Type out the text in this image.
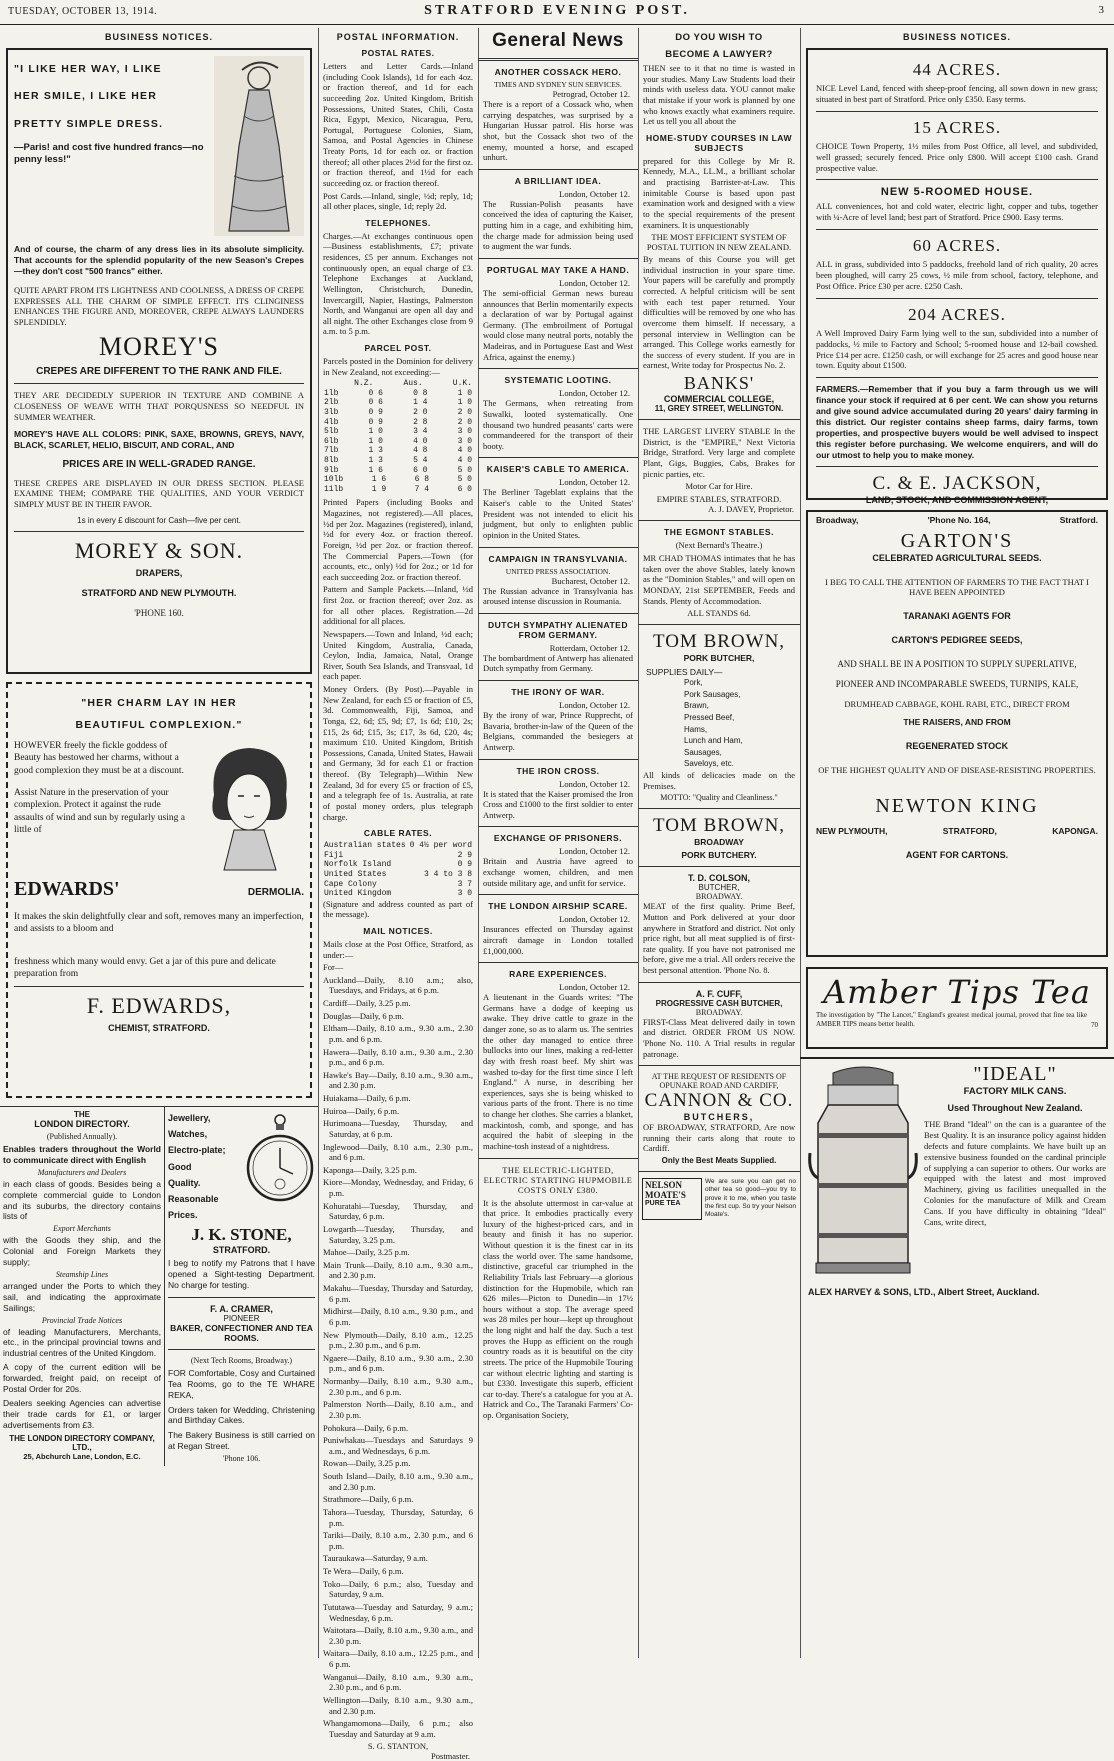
TUESDAY, OCTOBER 13, 1914.	STRATFORD EVENING POST.	3
BUSINESS NOTICES.
"I LIKE HER WAY, I LIKE
HER SMILE, I LIKE HER
PRETTY SIMPLE DRESS.
—Paris! and cost five hundred francs—no penny less!"
And of course, the charm of any dress lies in its absolute simplicity. That accounts for the splendid popularity of the new Season's Crepes—they don't cost "500 francs" either.
QUITE APART FROM ITS LIGHTNESS AND COOLNESS, A DRESS OF CREPE EXPRESSES ALL THE CHARM OF SIMPLE EFFECT. ITS CLINGINESS ENHANCES THE FIGURE AND, MOREOVER, CREPE ALWAYS LAUNDERS SPLENDIDLY.
MOREY'S
CREPES ARE DIFFERENT TO THE RANK AND FILE.
THEY ARE DECIDEDLY SUPERIOR IN TEXTURE AND COMBINE A CLOSENESS OF WEAVE WITH THAT PORQUSNESS SO NEEDFUL IN SUMMER WEATHER.
MOREY'S HAVE ALL COLORS: PINK, SAXE, BROWNS, GREYS, NAVY, BLACK, SCARLET, HELIO, BISCUIT, AND CORAL, AND
PRICES ARE IN WELL-GRADED RANGE.
THESE CREPES ARE DISPLAYED IN OUR DRESS SECTION. PLEASE EXAMINE THEM; COMPARE THE QUALITIES, AND YOUR VERDICT SIMPLY MUST BE IN THEIR FAVOR.
1s in every £ discount for Cash—five per cent.
MOREY & SON.
DRAPERS,
STRATFORD AND NEW PLYMOUTH.
'PHONE 160.
"HER CHARM LAY IN HER
BEAUTIFUL COMPLEXION."
HOWEVER freely the fickle goddess of Beauty has bestowed her charms, without a good complexion they must be at a discount.
Assist Nature in the preservation of your complexion. Protect it against the rude assaults of wind and sun by regularly using a little of
EDWARDS'	DERMOLIA.
It makes the skin delightfully clear and soft, removes many an imperfection, and assists to a bloom and
freshness which many would envy. Get a jar of this pure and delicate preparation from
F. EDWARDS,
CHEMIST, STRATFORD.
THE
LONDON DIRECTORY.
(Published Annually).
Enables traders throughout the World to communicate direct with English
Manufacturers and Dealers
in each class of goods. Besides being a complete commercial guide to London and its suburbs, the directory contains lists of
Export Merchants
with the Goods they ship, and the Colonial and Foreign Markets they supply;
Steamship Lines
arranged under the Ports to which they sail, and indicating the approximate Sailings;
Provincial Trade Notices
of leading Manufacturers, Merchants, etc., in the principal provincial towns and industrial centres of the United Kingdom.
A copy of the current edition will be forwarded, freight paid, on receipt of Postal Order for 20s.
Dealers seeking Agencies can advertise their trade cards for £1, or larger advertisements from £3.
THE LONDON DIRECTORY COMPANY, LTD.,
25, Abchurch Lane, London, E.C.
Jewellery,
Watches,
Electro-plate;
Good
Quality.
Reasonable
Prices.
J. K. STONE,
STRATFORD.
I beg to notify my Patrons that I have opened a Sight-testing Department. No charge for testing.
F. A. CRAMER,
PIONEER
BAKER, CONFECTIONER AND TEA ROOMS.
(Next Tech Rooms, Broadway.)
FOR Comfortable, Cosy and Curtained Tea Rooms, go to the TE WHARE REKA,
Orders taken for Wedding, Christening and Birthday Cakes.
The Bakery Business is still carried on at Regan Street.
'Phone 106.
POSTAL INFORMATION.
POSTAL RATES.
Letters and Letter Cards.—Inland (including Cook Islands), 1d for each 4oz. or fraction thereof, and 1d for each succeeding 2oz. United Kingdom, British Possessions, United States, Chili, Costa Rica, Egypt, Mexico, Nicaragua, Peru, Portugal, Portuguese Colonies, Siam, Samoa, and Postal Agencies in Chinese Treaty Ports, 1d for each oz. or fraction thereof; all other places 2½d for the first oz. or fraction thereof, and 1½d for each succeeding oz. or fraction thereof.
Post Cards.—Inland, single, ½d; reply, 1d; all other places, single, 1d; reply 2d.
TELEPHONES.
Charges.—At exchanges continuous open—Business establishments, £7; private residences, £5 per annum. Exchanges not continuously open, an equal charge of £3. Telephone Exchanges at Auckland, Wellington, Christchurch, Dunedin, Invercargill, Napier, Hastings, Palmerston North, and Wanganui are open all day and all night. The other Exchanges close from 9 a.m. to 5 p.m.
PARCEL POST.
Parcels posted in the Dominion for delivery in New Zealand, not exceeding:—
N.Z.	Aus.	U.K.
1lb	0 6	0 8	1 0
2lb	0 6	1 4	1 0
3lb	0 9	2 0	2 0
4lb	0 9	2 8	2 0
5lb	1 0	3 4	3 0
6lb	1 0	4 0	3 0
7lb	1 3	4 8	4 0
8lb	1 3	5 4	4 0
9lb	1 6	6 0	5 0
10lb	1 6	6 8	5 0
11lb	1 9	7 4	6 0
Printed Papers (including Books and Magazines, not registered).—All places, ½d per 2oz. Magazines (registered), inland, ½d for every 4oz. or fraction thereof. Foreign, ½d per 2oz. or fraction thereof. The Commercial Papers.—Town (for accounts, etc., only) ½d for 2oz.; or 1d for each succeeding 2oz. or fraction thereof.
Pattern and Sample Packets.—Inland, ½d first 2oz. or fraction thereof; over 2oz. as for all other places. Registration.—2d additional for all places.
Newspapers.—Town and Inland, ½d each; United Kingdom, Australia, Canada, Ceylon, India, Jamaica, Natal, Orange River, South Sea Islands, and Transvaal, 1d each paper.
Money Orders. (By Post).—Payable in New Zealand, for each £5 or fraction of £5, 3d. Commonwealth, Fiji, Samoa, and Tonga, £2, 6d; £5, 9d; £7, 1s 6d; £10, 2s; £15, 2s 6d; £15, 3s; £17, 3s 6d, £20, 4s; maximum £10. United Kingdom, British Possessions, Canada, United States, Hawaii and Germany, 3d for each £1 or fraction thereof. (By Telegraph)—Within New Zealand, 3d for every £5 or fraction of £5, and a telegraph fee of 1s. Australia, at rate of postal money orders, plus telegraph charge.
CABLE RATES.
Australian states 0 4½ per word
Fiji	2 9
Norfolk Island	0 9
United States	3 4 to 3 8
Cape Colony	3 7
United Kingdom	3 0
(Signature and address counted as part of the message).
MAIL NOTICES.
Mails close at the Post Office, Stratford, as under:—
For—
Auckland—Daily, 8.10 a.m.; also, Tuesdays, and Fridays, at 6 p.m.
Cardiff—Daily, 3.25 p.m.
Douglas—Daily, 6 p.m.
Eltham—Daily, 8.10 a.m., 9.30 a.m., 2.30 p.m. and 6 p.m.
Hawera—Daily, 8.10 a.m., 9.30 a.m., 2.30 p.m., and 6 p.m.
Hawke's Bay—Daily, 8.10 a.m., 9.30 a.m., and 2.30 p.m.
Huiakama—Daily, 6 p.m.
Huiroa—Daily, 6 p.m.
Hurimoana—Tuesday, Thursday, and Saturday, at 6 p.m.
Inglewood—Daily, 8.10 a.m., 2.30 p.m., and 6 p.m.
Kaponga—Daily, 3.25 p.m.
Kiore—Monday, Wednesday, and Friday, 6 p.m.
Kohuratahi—Tuesday, Thursday, and Saturday, 6 p.m.
Lowgarth—Tuesday, Thursday, and Saturday, 3.25 p.m.
Mahoe—Daily, 3.25 p.m.
Main Trunk—Daily, 8.10 a.m., 9.30 a.m., and 2.30 p.m.
Makahu—Tuesday, Thursday and Saturday, 6 p.m.
Midhirst—Daily, 8.10 a.m., 9.30 p.m., and 6 p.m.
New Plymouth—Daily, 8.10 a.m., 12.25 p.m., 2.30 p.m., and 6 p.m.
Ngaere—Daily, 8.10 a.m., 9.30 a.m., 2.30 p.m., and 6 p.m.
Normanby—Daily, 8.10 a.m., 9.30 a.m., 2.30 p.m., and 6 p.m.
Palmerston North—Daily, 8.10 a.m., and 2.30 p.m.
Pohokura—Daily, 6 p.m.
Puniwhakau—Tuesdays and Saturdays 9 a.m., and Wednesdays, 6 p.m.
Rowan—Daily, 3.25 p.m.
South Island—Daily, 8.10 a.m., 9.30 a.m., and 2.30 p.m.
Strathmore—Daily, 6 p.m.
Tahora—Tuesday, Thursday, Saturday, 6 p.m.
Tariki—Daily, 8.10 a.m., 2.30 p.m., and 6 p.m.
Tauraukawa—Saturday, 9 a.m.
Te Wera—Daily, 6 p.m.
Toko—Daily, 6 p.m.; also, Tuesday and Saturday, 9 a.m.
Tututawa—Tuesday and Saturday, 9 a.m.; Wednesday, 6 p.m.
Waitotara—Daily, 8.10 a.m., 9.30 a.m., and 2.30 p.m.
Waitara—Daily, 8.10 a.m., 12.25 p.m., and 6 p.m.
Wanganui—Daily, 8.10 a.m., 9.30 a.m., 2.30 p.m., and 6 p.m.
Wellington—Daily, 8.10 a.m., 9.30 a.m., and 2.30 p.m.
Whangamomona—Daily, 6 p.m.; also Tuesday and Saturday at 9 a.m.
S. G. STANTON,
Postmaster.
General News
ANOTHER COSSACK HERO.
TIMES AND SYDNEY SUN SERVICES.
Petrograd, October 12.
There is a report of a Cossack who, when carrying despatches, was surprised by a Hungarian Hussar patrol. His horse was shot, but the Cossack shot two of the enemy, mounted a horse, and escaped unhurt.
A BRILLIANT IDEA.
London, October 12.
The Russian-Polish peasants have conceived the idea of capturing the Kaiser, putting him in a cage, and exhibiting him, the charge made for admission being used to augment the war funds.
PORTUGAL MAY TAKE A HAND.
London, October 12.
The semi-official German news bureau announces that Berlin momentarily expects a declaration of war by Portugal against Germany. (The embroilment of Portugal would close many neutral ports, notably the Madeiras, and in Portuguese East and West Africa, against the enemy.)
SYSTEMATIC LOOTING.
London, October 12.
The Germans, when retreating from Suwalki, looted systematically. One thousand two hundred peasants' carts were commandeered for the transport of their booty.
KAISER'S CABLE TO AMERICA.
London, October 12.
The Berliner Tageblatt explains that the Kaiser's cable to the United States' President was not intended to elicit his judgment, but only to enlighten public opinion in the United States.
CAMPAIGN IN TRANSYLVANIA.
UNITED PRESS ASSOCIATION.
Bucharest, October 12.
The Russian advance in Transylvania has aroused intense discussion in Roumania.
DUTCH SYMPATHY ALIENATED FROM GERMANY.
Rotterdam, October 12.
The bombardment of Antwerp has alienated Dutch sympathy from Germany.
THE IRONY OF WAR.
London, October 12.
By the irony of war, Prince Rupprecht, of Bavaria, brother-in-law of the Queen of the Belgians, commanded the besiegers at Antwerp.
THE IRON CROSS.
London, October 12.
It is stated that the Kaiser promised the Iron Cross and £1000 to the first soldier to enter Antwerp.
EXCHANGE OF PRISONERS.
London, October 12.
Britain and Austria have agreed to exchange women, children, and men outside military age, and unfit for service.
THE LONDON AIRSHIP SCARE.
London, October 12.
Insurances effected on Thursday against aircraft damage in London totalled £1,000,000.
RARE EXPERIENCES.
London, October 12.
A lieutenant in the Guards writes: "The Germans have a dodge of keeping us awake. They drive cattle to graze in the danger zone, so as to alarm us. The sentries the other day managed to entice three bullocks into our lines, making a red-letter day with fresh roast beef. My shirt was washed to-day for the first time since I left England." A nurse, in describing her experiences, says she is being whisked to various parts of the front. There is no time to change her clothes. She carries a blanket, mackintosh, comb, and sponge, and has acquired the habit of sleeping in the machine-tosh instead of a nightdress.
THE ELECTRIC-LIGHTED, ELECTRIC STARTING HUPMOBILE COSTS ONLY £380.
It is the absolute uttermost in car-value at that price. It embodies practically every luxury of the highest-priced cars, and in beauty and finish it has no superior. Without question it is the finest car in its class the world over. The same handsome, distinctive, graceful car triumphed in the Reliability Trials last February—a glorious distinction for the Hupmobile, which ran 626 miles—Picton to Dunedin—in 17½ hours without a stop. The average speed was 28 miles per hour—kept up throughout the long night and half the day. Such a test proves the Hupp as efficient on the rough country roads as it is beautiful on the city streets. The price of the Hupmobile Touring car without electric lighting and starting is but £330. Investigate this superb, efficient car to-day. There's a catalogue for you at A. Hatrick and Co., The Taranaki Farmers' Co-op. Organisation Society,
DO YOU WISH TO
BECOME A LAWYER?
THEN see to it that no time is wasted in your studies. Many Law Students load their minds with useless data. YOU cannot make that mistake if your work is planned by one who knows exactly what examiners require. Let us tell you all about the
HOME-STUDY COURSES IN LAW SUBJECTS
prepared for this College by Mr R. Kennedy, M.A., LL.M., a brilliant scholar and practising Barrister-at-Law. This inimitable Course is based upon past examination work and designed with a view to the special requirements of the present examiners. It is unquestionably
THE MOST EFFICIENT SYSTEM OF POSTAL TUITION IN NEW ZEALAND.
By means of this Course you will get individual instruction in your spare time. Your papers will be carefully and promptly corrected. A helpful criticism will be sent with each test paper returned. Your difficulties will be removed by one who has overcome them himself. If necessary, a personal interview in Wellington can be arranged. This College works earnestly for the success of every student. If you are in earnest, Write today for Prospectus No. 2.
BANKS'
COMMERCIAL COLLEGE,
11, GREY STREET, WELLINGTON.
THE LARGEST LIVERY STABLE In the District, is the "EMPIRE," Next Victoria Bridge, Stratford. Very large and complete Plant, Gigs, Buggies, Cabs, Brakes for picnic parties, etc.
Motor Car for Hire.
EMPIRE STABLES, STRATFORD.
A. J. DAVEY, Proprietor.
THE EGMONT STABLES.
(Next Bernard's Theatre.)
MR CHAD THOMAS intimates that he has taken over the above Stables, lately known as the "Dominion Stables," and will open on MONDAY, 21st SEPTEMBER, Feeds and Stands. Plenty of Accommodation.
ALL STANDS 6d.
TOM BROWN,
PORK BUTCHER,
SUPPLIES DAILY—
Pork,
Pork Sausages,
Brawn,
Pressed Beef,
Hams,
Lunch and Ham,
Sausages,
Saveloys, etc.
All kinds of delicacies made on the Premises.
MOTTO: "Quality and Cleanliness."
TOM BROWN,
BROADWAY
PORK BUTCHERY.
T. D. COLSON,
BUTCHER,
BROADWAY.
MEAT of the first quality. Prime Beef, Mutton and Pork delivered at your door anywhere in Stratford and district. Not only price right, but all meat supplied is of first-rate quality. If you have not patronised me before, give me a trial. All orders receive the best personal attention. 'Phone No. 8.
A. F. CUFF,
PROGRESSIVE CASH BUTCHER,
BROADWAY.
FIRST-Class Meat delivered daily in town and district. ORDER FROM US NOW. 'Phone No. 110. A Trial results in regular patronage.
AT THE REQUEST OF RESIDENTS OF OPUNAKE ROAD AND CARDIFF,
CANNON & CO.
BUTCHERS,
OF BROADWAY, STRATFORD, Are now running their carts along that route to Cardiff.
Only the Best Meats Supplied.
NELSON
MOATE'S
PURE TEA
We are sure you can get no other tea so good—you try to prove it to me, when you taste the first cup. So try your Nelson Moate's.
BUSINESS NOTICES.
44 ACRES.
NICE Level Land, fenced with sheep-proof fencing, all sown down in new grass; situated in best part of Stratford. Price only £350. Easy terms.
15 ACRES.
CHOICE Town Property, 1½ miles from Post Office, all level, and subdivided, well grassed; securely fenced. Price only £800. Will accept £100 cash. Grand prospective value.
NEW 5-ROOMED HOUSE.
ALL conveniences, hot and cold water, electric light, copper and tubs, together with ¼-Acre of level land; best part of Stratford. Price £900. Easy terms.
60 ACRES.
ALL in grass, subdivided into 5 paddocks, freehold land of rich quality, 20 acres been ploughed, will carry 25 cows, ½ mile from school, factory, telephone, and Post Office. Price £30 per acre. £250 Cash.
204 ACRES.
A Well Improved Dairy Farm lying well to the sun, subdivided into a number of paddocks, ½ mile to Factory and School; 5-roomed house and 12-bail cowshed. Price £14 per acre. £1250 cash, or will exchange for 25 acres and good house near town. Equity about £1500.
FARMERS.—Remember that if you buy a farm through us we will finance your stock if required at 6 per cent. We can show you returns and give sound advice accumulated during 20 years' dairy farming in this district. Our register contains sheep farms, dairy farms, town properties, and prospective buyers would be well advised to inspect this register before purchasing. We welcome enquirers, and will do our utmost to help you to make money.
C. & E. JACKSON,
LAND, STOCK, AND COMMISSION AGENT,
Broadway,	'Phone No. 164,	Stratford.
GARTON'S
CELEBRATED AGRICULTURAL SEEDS.
I BEG TO CALL THE ATTENTION OF FARMERS TO THE FACT THAT I HAVE BEEN APPOINTED
TARANAKI AGENTS FOR
CARTON'S PEDIGREE SEEDS,
AND SHALL BE IN A POSITION TO SUPPLY SUPERLATIVE,
PIONEER AND INCOMPARABLE SWEEDS, TURNIPS, KALE,
DRUMHEAD CABBAGE, KOHL RABI, ETC., DIRECT FROM
THE RAISERS, AND FROM
REGENERATED STOCK
OF THE HIGHEST QUALITY AND OF DISEASE-RESISTING PROPERTIES.
NEWTON KING
NEW PLYMOUTH,	STRATFORD,	KAPONGA.
AGENT FOR CARTONS.
Amber Tips Tea
The investigation by "The Lancet," England's greatest medical journal, proved that fine tea like AMBER TIPS means better health.	70
"IDEAL"
FACTORY MILK CANS.
Used Throughout New Zealand.
THE Brand "Ideal" on the can is a guarantee of the Best Quality. It is an insurance policy against hidden defects and future complaints. We have built up an extensive business founded on the cardinal principle of supplying a can superior to others. Our works are equipped with the latest and most improved Machinery, giving us facilities unequalled in the Colonies for the manufacture of Milk and Cream Cans. If you have difficulty in obtaining "Ideal" Cans, write direct,
ALEX HARVEY & SONS, LTD., Albert Street, Auckland.
